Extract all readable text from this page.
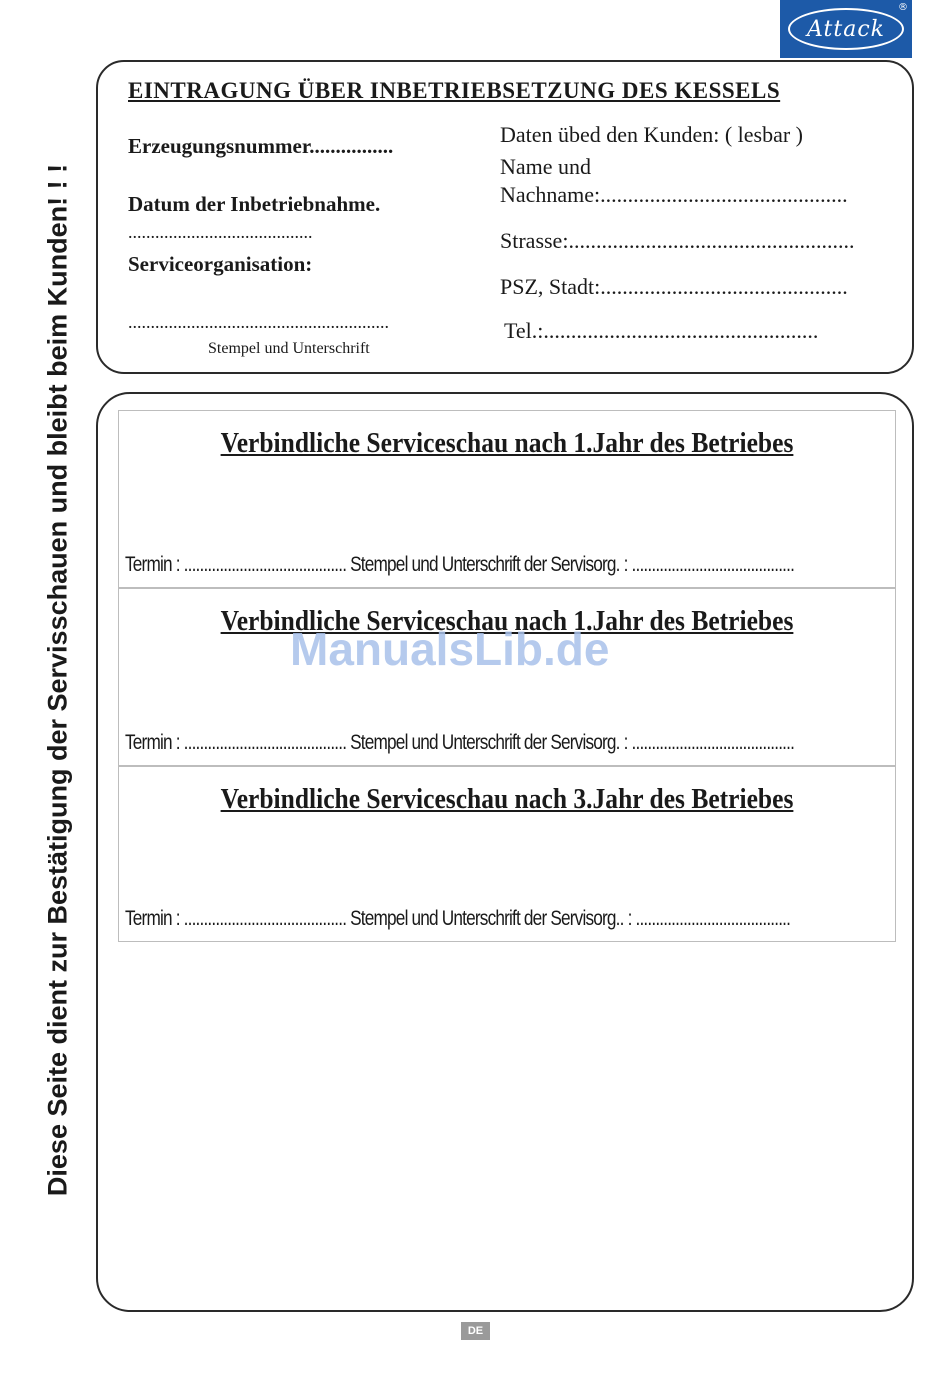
Attack
®
Diese Seite dient zur Bestätigung der Servisschauen und bleibt beim Kunden! ! !
EINTRAGUNG ÜBER INBETRIEBSETZUNG DES KESSELS
Erzeugungsnummer................
Datum der Inbetriebnahme.
.........................................
Serviceorganisation:
..........................................................
Stempel und Unterschrift
Daten übed den Kunden: ( lesbar )
Name und
Nachname:.............................................
Strasse:....................................................
PSZ, Stadt:.............................................
Tel.:..................................................
Verbindliche Serviceschau nach 1.Jahr des Betriebes
Termin : ......................................... Stempel und Unterschrift der Servisorg. : .........................................
Verbindliche Serviceschau nach 1.Jahr des Betriebes
Termin : ......................................... Stempel und Unterschrift der Servisorg. : .........................................
Verbindliche Serviceschau nach 3.Jahr des Betriebes
Termin : ......................................... Stempel und Unterschrift der Servisorg.. : .......................................
ManualsLib.de
DE
